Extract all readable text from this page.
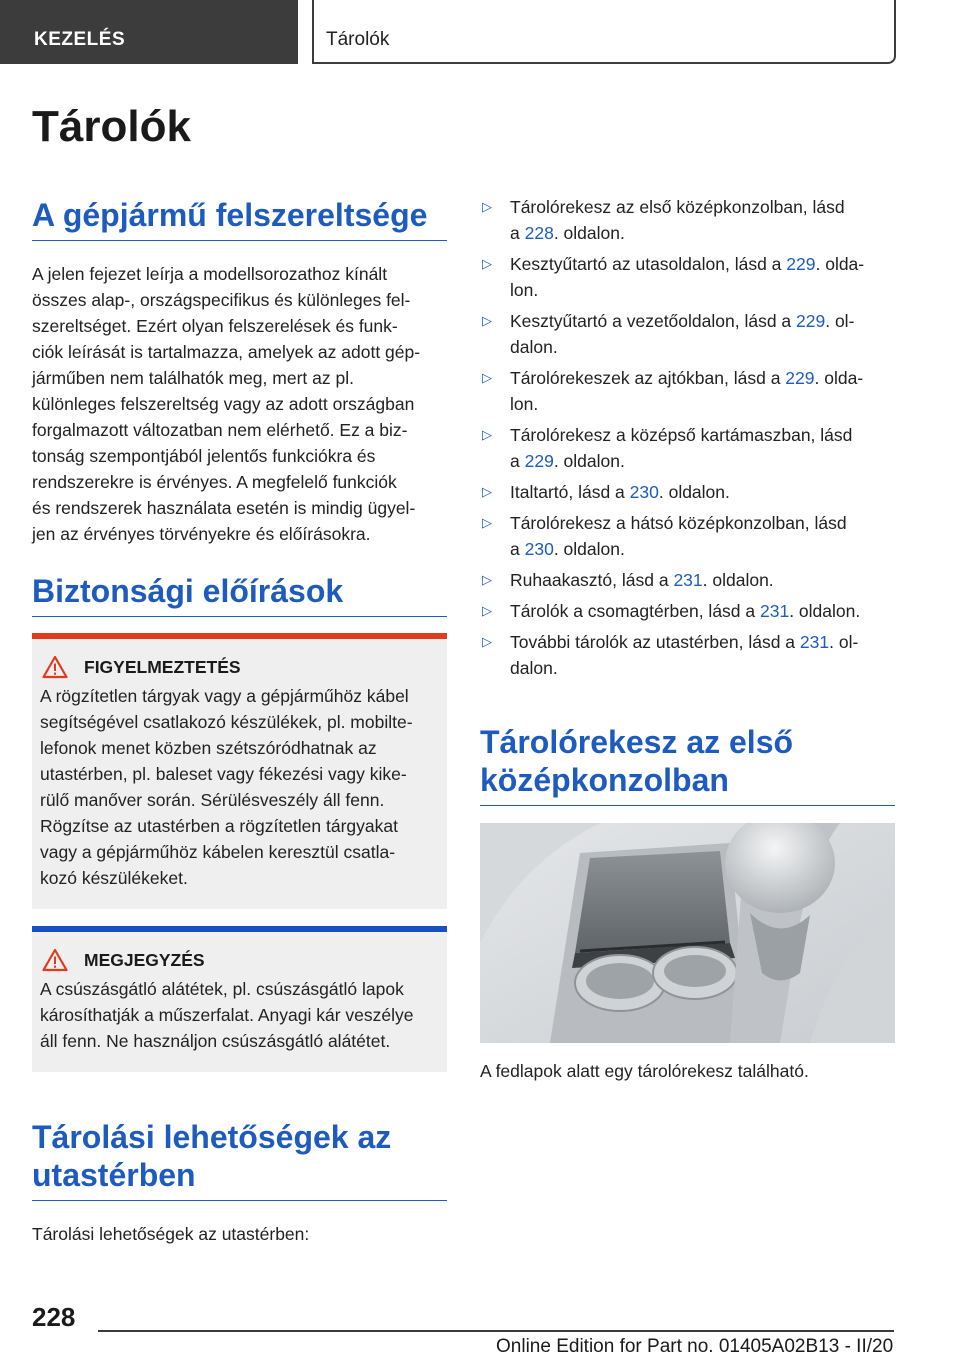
KEZELÉS	Tárolók
Tárolók
A gépjármű felszereltsége
A jelen fejezet leírja a modellsorozathoz kínált
összes alap-, országspecifikus és különleges fel-
szereltséget. Ezért olyan felszerelések és funk-
ciók leírását is tartalmazza, amelyek az adott gép-
járműben nem találhatók meg, mert az pl.
különleges felszereltség vagy az adott országban
forgalmazott változatban nem elérhető. Ez a biz-
tonság szempontjából jelentős funkciókra és
rendszerekre is érvényes. A megfelelő funkciók
és rendszerek használata esetén is mindig ügyel-
jen az érvényes törvényekre és előírásokra.
Biztonsági előírások
FIGYELMEZTETÉS
A rögzítetlen tárgyak vagy a gépjárműhöz kábel
segítségével csatlakozó készülékek, pl. mobilte-
lefonok menet közben szétszóródhatnak az
utastérben, pl. baleset vagy fékezési vagy kike-
rülő manőver során. Sérülésveszély áll fenn.
Rögzítse az utastérben a rögzítetlen tárgyakat
vagy a gépjárműhöz kábelen keresztül csatla-
kozó készülékeket.
MEGJEGYZÉS
A csúszásgátló alátétek, pl. csúszásgátló lapok
károsíthatják a műszerfalat. Anyagi kár veszélye
áll fenn. Ne használjon csúszásgátló alátétet.
Tárolási lehetőségek az
utastérben
Tárolási lehetőségek az utastérben:
▷ Tárolórekesz az első középkonzolban, lásd
a 228. oldalon.
▷ Kesztyűtartó az utasoldalon, lásd a 229. olda-
lon.
▷ Kesztyűtartó a vezetőoldalon, lásd a 229. ol-
dalon.
▷ Tárolórekeszek az ajtókban, lásd a 229. olda-
lon.
▷ Tárolórekesz a középső kartámaszban, lásd
a 229. oldalon.
▷ Italtartó, lásd a 230. oldalon.
▷ Tárolórekesz a hátsó középkonzolban, lásd
a 230. oldalon.
▷ Ruhaakasztó, lásd a 231. oldalon.
▷ Tárolók a csomagtérben, lásd a 231. oldalon.
▷ További tárolók az utastérben, lásd a 231. ol-
dalon.
Tárolórekesz az első
középkonzolban
A fedlapok alatt egy tárolórekesz található.
228
Online Edition for Part no. 01405A02B13 - II/20
